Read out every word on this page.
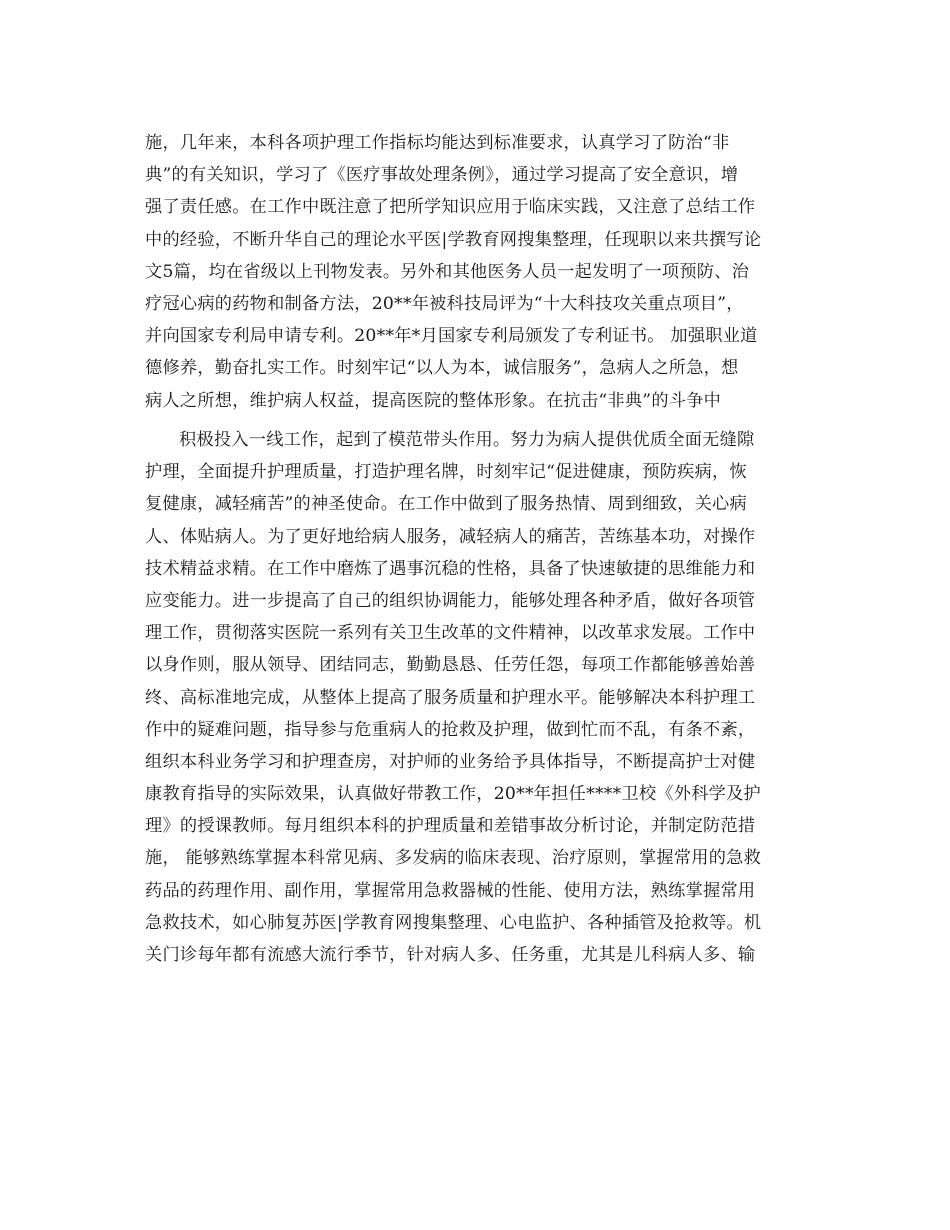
施，几年来，本科各项护理工作指标均能达到标准要求，认真学习了防治“非
典”的有关知识，学习了《医疗事故处理条例》，通过学习提高了安全意识，增
强了责任感。在工作中既注意了把所学知识应用于临床实践，又注意了总结工作
中的经验，不断升华自己的理论水平医|学教育网搜集整理，任现职以来共撰写论
文5篇，均在省级以上刊物发表。另外和其他医务人员一起发明了一项预防、治
疗冠心病的药物和制备方法，20**年被科技局评为“十大科技攻关重点项目”，
并向国家专利局申请专利。20**年*月国家专利局颁发了专利证书。 加强职业道
德修养，勤奋扎实工作。时刻牢记“以人为本，诚信服务”，急病人之所急，想
病人之所想，维护病人权益，提高医院的整体形象。在抗击“非典”的斗争中
积极投入一线工作，起到了模范带头作用。努力为病人提供优质全面无缝隙
护理，全面提升护理质量，打造护理名牌，时刻牢记“促进健康，预防疾病，恢
复健康，减轻痛苦”的神圣使命。在工作中做到了服务热情、周到细致，关心病
人、体贴病人。为了更好地给病人服务，减轻病人的痛苦，苦练基本功，对操作
技术精益求精。在工作中磨炼了遇事沉稳的性格，具备了快速敏捷的思维能力和
应变能力。进一步提高了自己的组织协调能力，能够处理各种矛盾，做好各项管
理工作，贯彻落实医院一系列有关卫生改革的文件精神，以改革求发展。工作中
以身作则，服从领导、团结同志，勤勤恳恳、任劳任怨，每项工作都能够善始善
终、高标准地完成，从整体上提高了服务质量和护理水平。能够解决本科护理工
作中的疑难问题，指导参与危重病人的抢救及护理，做到忙而不乱，有条不紊，
组织本科业务学习和护理查房，对护师的业务给予具体指导，不断提高护士对健
康教育指导的实际效果，认真做好带教工作，20**年担任****卫校《外科学及护
理》的授课教师。每月组织本科的护理质量和差错事故分析讨论，并制定防范措
施， 能够熟练掌握本科常见病、多发病的临床表现、治疗原则，掌握常用的急救
药品的药理作用、副作用，掌握常用急救器械的性能、使用方法，熟练掌握常用
急救技术，如心肺复苏医|学教育网搜集整理、心电监护、各种插管及抢救等。机
关门诊每年都有流感大流行季节，针对病人多、任务重，尤其是儿科病人多、输
